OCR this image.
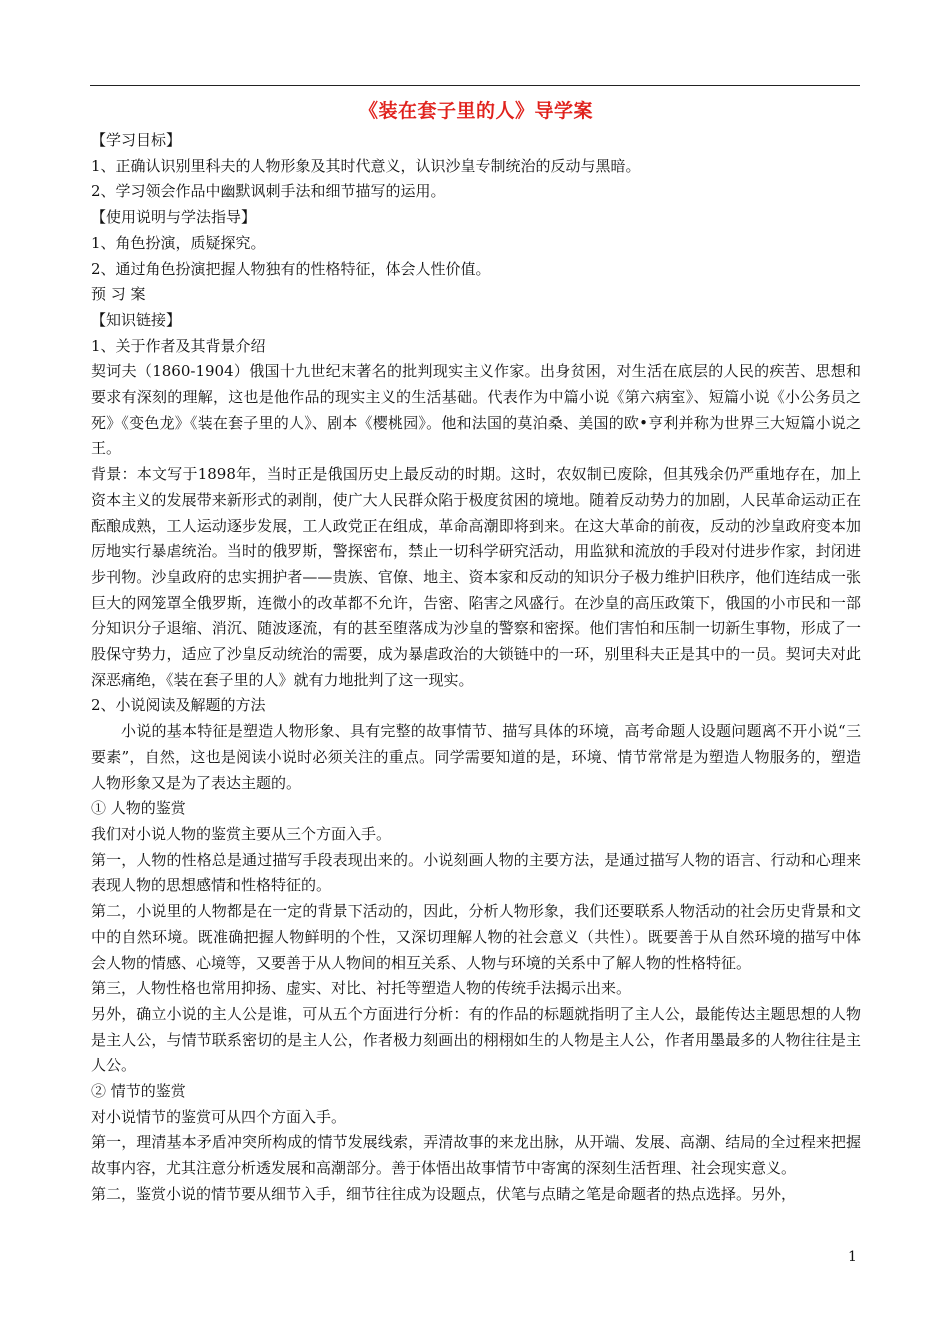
《装在套子里的人》导学案

【学习目标】

1、正确认识别里科夫的人物形象及其时代意义，认识沙皇专制统治的反动与黑暗。

2、学习领会作品中幽默讽刺手法和细节描写的运用。

【使用说明与学法指导】

1、角色扮演，质疑探究。

2、通过角色扮演把握人物独有的性格特征，体会人性价值。

预 习 案

【知识链接】

1、关于作者及其背景介绍

契诃夫（1860-1904）俄国十九世纪末著名的批判现实主义作家。出身贫困，对生活在底层的人民的疾苦、思想和要求有深刻的理解，这也是他作品的现实主义的生活基础。代表作为中篇小说《第六病室》、短篇小说《小公务员之死》《变色龙》《装在套子里的人》、剧本《樱桃园》。他和法国的莫泊桑、美国的欧•亨利并称为世界三大短篇小说之王。

背景：本文写于1898年，当时正是俄国历史上最反动的时期。这时，农奴制已废除，但其残余仍严重地存在，加上资本主义的发展带来新形式的剥削，使广大人民群众陷于极度贫困的境地。随着反动势力的加剧，人民革命运动正在酝酿成熟，工人运动逐步发展，工人政党正在组成，革命高潮即将到来。在这大革命的前夜，反动的沙皇政府变本加厉地实行暴虐统治。当时的俄罗斯，警探密布，禁止一切科学研究活动，用监狱和流放的手段对付进步作家，封闭进步刊物。沙皇政府的忠实拥护者——贵族、官僚、地主、资本家和反动的知识分子极力维护旧秩序，他们连结成一张巨大的网笼罩全俄罗斯，连微小的改革都不允许，告密、陷害之风盛行。在沙皇的高压政策下，俄国的小市民和一部分知识分子退缩、消沉、随波逐流，有的甚至堕落成为沙皇的警察和密探。他们害怕和压制一切新生事物，形成了一股保守势力，适应了沙皇反动统治的需要，成为暴虐政治的大锁链中的一环，别里科夫正是其中的一员。契诃夫对此深恶痛绝，《装在套子里的人》就有力地批判了这一现实。

2、小说阅读及解题的方法

小说的基本特征是塑造人物形象、具有完整的故事情节、描写具体的环境，高考命题人设题问题离不开小说“三要素”，自然，这也是阅读小说时必须关注的重点。同学需要知道的是，环境、情节常常是为塑造人物服务的，塑造人物形象又是为了表达主题的。

① 人物的鉴赏

我们对小说人物的鉴赏主要从三个方面入手。

第一，人物的性格总是通过描写手段表现出来的。小说刻画人物的主要方法，是通过描写人物的语言、行动和心理来表现人物的思想感情和性格特征的。

第二，小说里的人物都是在一定的背景下活动的，因此，分析人物形象，我们还要联系人物活动的社会历史背景和文中的自然环境。既准确把握人物鲜明的个性，又深切理解人物的社会意义（共性）。既要善于从自然环境的描写中体会人物的情感、心境等，又要善于从人物间的相互关系、人物与环境的关系中了解人物的性格特征。

第三，人物性格也常用抑扬、虚实、对比、衬托等塑造人物的传统手法揭示出来。

另外，确立小说的主人公是谁，可从五个方面进行分析：有的作品的标题就指明了主人公，最能传达主题思想的人物是主人公，与情节联系密切的是主人公，作者极力刻画出的栩栩如生的人物是主人公，作者用墨最多的人物往往是主人公。

② 情节的鉴赏

对小说情节的鉴赏可从四个方面入手。

第一，理清基本矛盾冲突所构成的情节发展线索，弄清故事的来龙出脉，从开端、发展、高潮、结局的全过程来把握故事内容，尤其注意分析透发展和高潮部分。善于体悟出故事情节中寄寓的深刻生活哲理、社会现实意义。

第二，鉴赏小说的情节要从细节入手，细节往往成为设题点，伏笔与点睛之笔是命题者的热点选择。另外，

1
